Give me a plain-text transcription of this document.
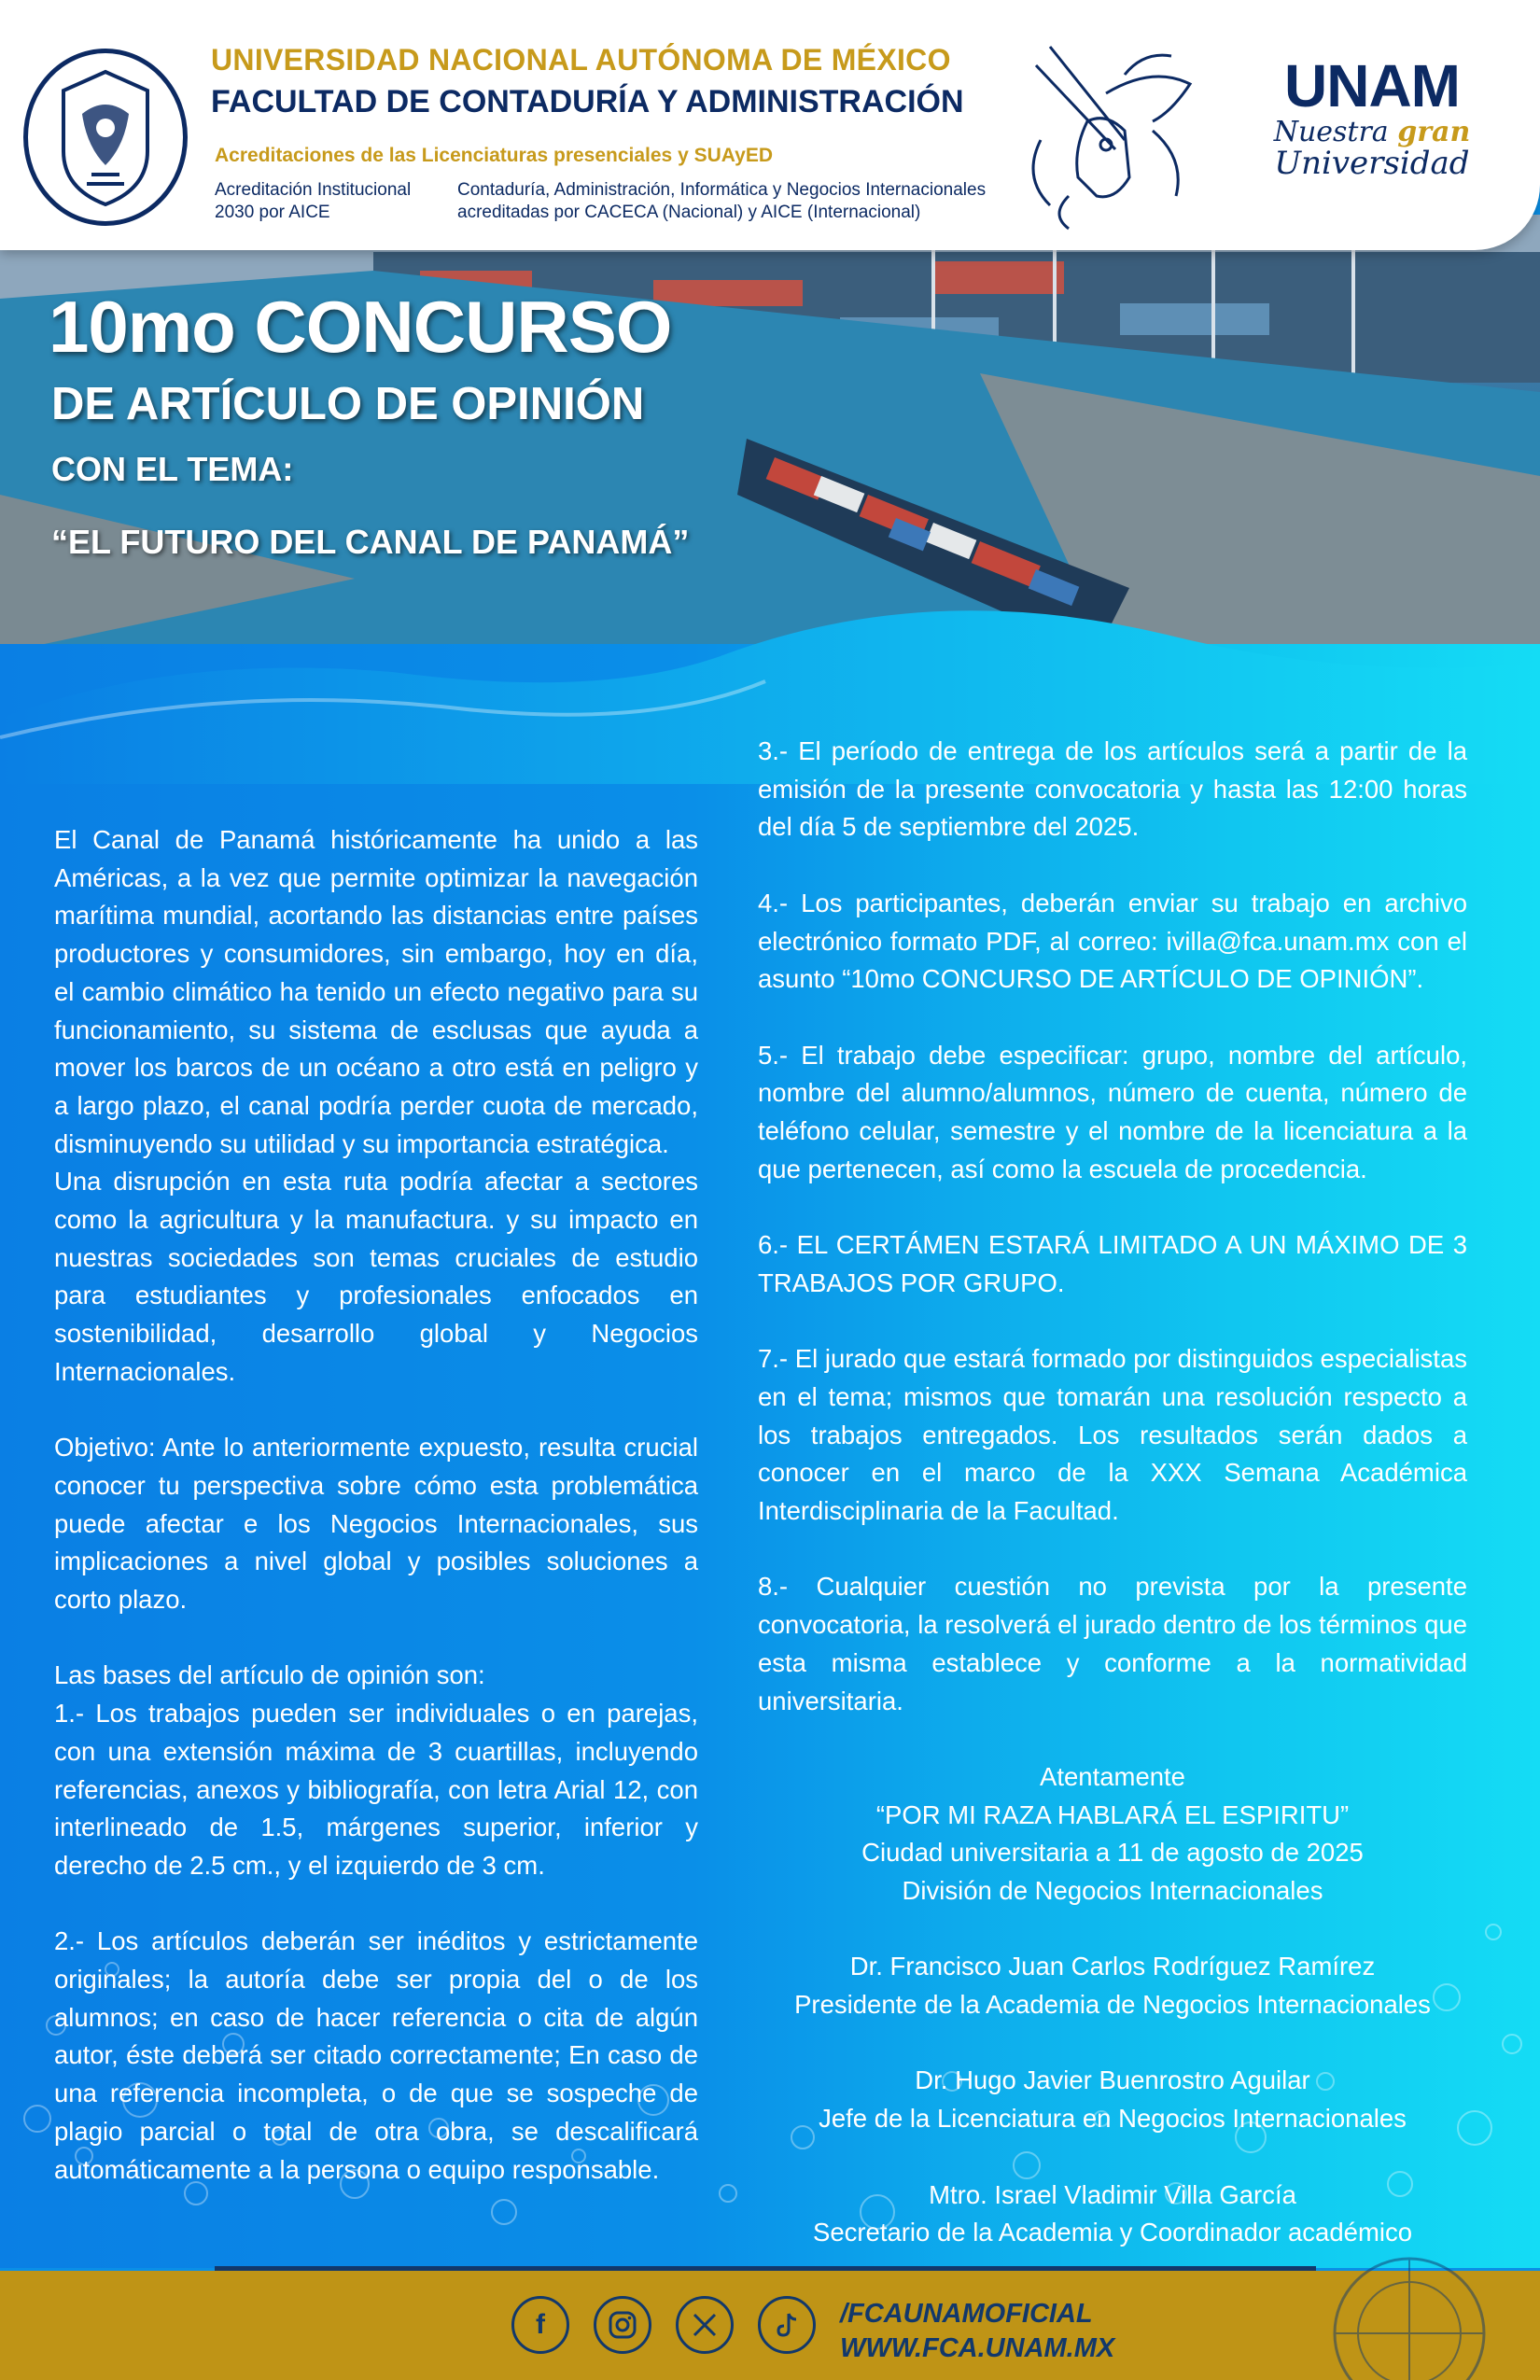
UNIVERSIDAD NACIONAL AUTÓNOMA DE MÉXICO
FACULTAD DE CONTADURÍA Y ADMINISTRACIÓN
Acreditaciones de las Licenciaturas presenciales y SUAyED
Acreditación Institucional 2030 por AICE
Contaduría, Administración, Informática y Negocios Internacionales acreditadas por CACECA (Nacional) y AICE (Internacional)
UNAM
Nuestra gran
Universidad
10mo CONCURSO
DE ARTÍCULO DE OPINIÓN
CON EL TEMA:
“EL FUTURO DEL CANAL DE PANAMÁ”

El Canal de Panamá históricamente ha unido a las Américas, a la vez que permite optimizar la navegación marítima mundial, acortando las distancias entre países productores y consumidores, sin embargo, hoy en día, el cambio climático ha tenido un efecto negativo para su funcionamiento, su sistema de esclusas que ayuda a mover los barcos de un océano a otro está en peligro y a largo plazo, el canal podría perder cuota de mercado, disminuyendo su utilidad y su importancia estratégica.

Una disrupción en esta ruta podría afectar a sectores como la agricultura y la manufactura. y su impacto en nuestras sociedades son temas cruciales de estudio para estudiantes y profesionales enfocados en sostenibilidad, desarrollo global y Negocios Internacionales.

Objetivo: Ante lo anteriormente expuesto, resulta crucial conocer tu perspectiva sobre cómo esta problemática puede afectar e los Negocios Internacionales, sus implicaciones a nivel global y posibles soluciones a corto plazo.

Las bases del artículo de opinión son:

1.- Los trabajos pueden ser individuales o en parejas, con una extensión máxima de 3 cuartillas, incluyendo referencias, anexos y bibliografía, con letra Arial 12, con interlineado de 1.5, márgenes superior, inferior y derecho de 2.5 cm., y el izquierdo de 3 cm.

2.- Los artículos deberán ser inéditos y estrictamente originales; la autoría debe ser propia del o de los alumnos; en caso de hacer referencia o cita de algún autor, éste deberá ser citado correctamente; En caso de una referencia incompleta, o de que se sospeche de plagio parcial o total de otra obra, se descalificará automáticamente a la persona o equipo responsable.

3.- El período de entrega de los artículos será a partir de la emisión de la presente convocatoria y hasta las 12:00 horas del día 5 de septiembre del 2025.

4.- Los participantes, deberán enviar su trabajo en archivo electrónico formato PDF, al correo: ivilla@fca.unam.mx con el asunto “10mo CONCURSO DE ARTÍCULO DE OPINIÓN”.

5.- El trabajo debe especificar: grupo, nombre del artículo, nombre del alumno/alumnos, número de cuenta, número de teléfono celular, semestre y el nombre de la licenciatura a la que pertenecen, así como la escuela de procedencia.

6.- EL CERTÁMEN ESTARÁ LIMITADO A UN MÁXIMO DE 3 TRABAJOS POR GRUPO.

7.- El jurado que estará formado por distinguidos especialistas en el tema; mismos que tomarán una resolución respecto a los trabajos entregados. Los resultados serán dados a conocer en el marco de la XXX Semana Académica Interdisciplinaria de la Facultad.

8.- Cualquier cuestión no prevista por la presente convocatoria, la resolverá el jurado dentro de los términos que esta misma establece y conforme a la normatividad universitaria.

Atentamente

“POR MI RAZA HABLARÁ EL ESPIRITU”

Ciudad universitaria a 11 de agosto de 2025

División de Negocios Internacionales

Dr. Francisco Juan Carlos Rodríguez Ramírez

Presidente de la Academia de Negocios Internacionales

Dr. Hugo Javier Buenrostro Aguilar

Jefe de la Licenciatura en Negocios Internacionales

Mtro. Israel Vladimir Villa García

Secretario de la Academia y Coordinador académico

f	/FCAUNAMOFICIAL
WWW.FCA.UNAM.MX
